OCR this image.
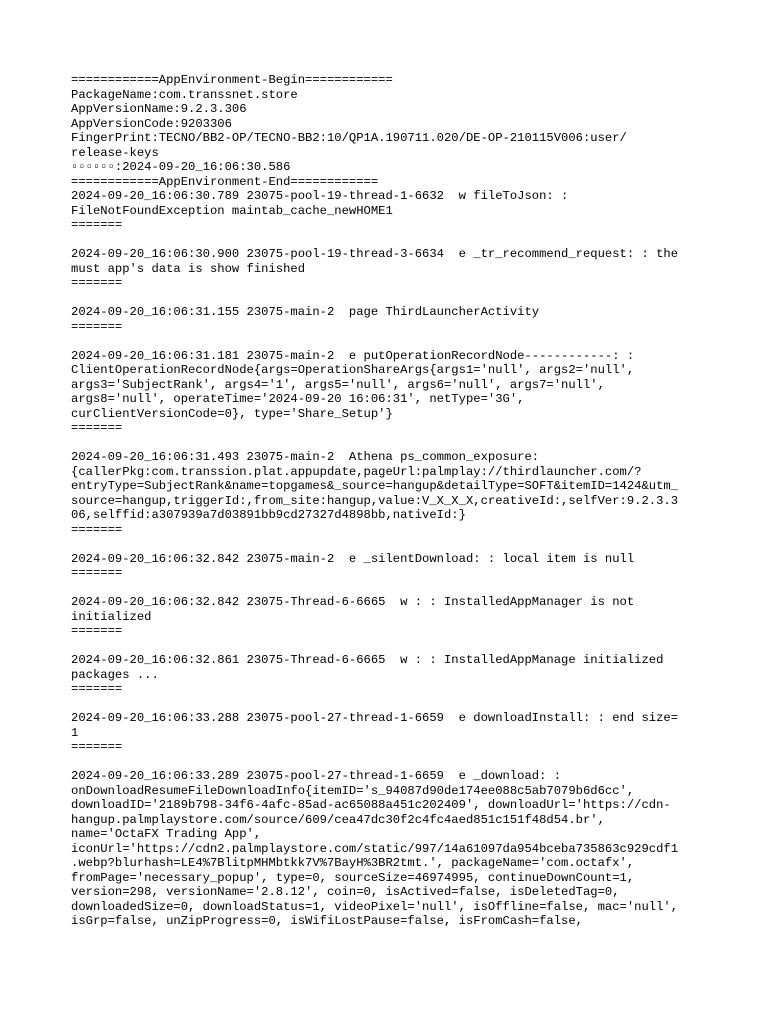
============AppEnvironment-Begin============
PackageName:com.transsnet.store
AppVersionName:9.2.3.306
AppVersionCode:9203306
FingerPrint:TECNO/BB2-OP/TECNO-BB2:10/QP1A.190711.020/DE-OP-210115V006:user/
release-keys
▫▫▫▫▫▫:2024-09-20_16:06:30.586
============AppEnvironment-End============
2024-09-20_16:06:30.789 23075-pool-19-thread-1-6632  w fileToJson: :
FileNotFoundException maintab_cache_newHOME1
=======
2024-09-20_16:06:30.900 23075-pool-19-thread-3-6634  e _tr_recommend_request: : the
must app's data is show finished
=======
2024-09-20_16:06:31.155 23075-main-2  page ThirdLauncherActivity
=======
2024-09-20_16:06:31.181 23075-main-2  e putOperationRecordNode------------: :
ClientOperationRecordNode{args=OperationShareArgs{args1='null', args2='null',
args3='SubjectRank', args4='1', args5='null', args6='null', args7='null',
args8='null', operateTime='2024-09-20 16:06:31', netType='3G',
curClientVersionCode=0}, type='Share_Setup'}
=======
2024-09-20_16:06:31.493 23075-main-2  Athena ps_common_exposure:
{callerPkg:com.transsion.plat.appupdate,pageUrl:palmplay://thirdlauncher.com/?
entryType=SubjectRank&name=topgames&_source=hangup&detailType=SOFT&itemID=1424&utm_
source=hangup,triggerId:,from_site:hangup,value:V_X_X_X,creativeId:,selfVer:9.2.3.3
06,selffid:a307939a7d03891bb9cd27327d4898bb,nativeId:}
=======
2024-09-20_16:06:32.842 23075-main-2  e _silentDownload: : local item is null
=======
2024-09-20_16:06:32.842 23075-Thread-6-6665  w : : InstalledAppManager is not
initialized
=======
2024-09-20_16:06:32.861 23075-Thread-6-6665  w : : InstalledAppManage initialized
packages ...
=======
2024-09-20_16:06:33.288 23075-pool-27-thread-1-6659  e downloadInstall: : end size=
1
=======
2024-09-20_16:06:33.289 23075-pool-27-thread-1-6659  e _download: :
onDownloadResumeFileDownloadInfo{itemID='s_94087d90de174ee088c5ab7079b6d6cc',
downloadID='2189b798-34f6-4afc-85ad-ac65088a451c202409', downloadUrl='https://cdn-
hangup.palmplaystore.com/source/609/cea47dc30f2c4fc4aed851c151f48d54.br',
name='OctaFX Trading App',
iconUrl='https://cdn2.palmplaystore.com/static/997/14a61097da954bceba735863c929cdf1
.webp?blurhash=LE4%7BlitpMHMbtkk7V%7BayH%3BR2tmt.', packageName='com.octafx',
fromPage='necessary_popup', type=0, sourceSize=46974995, continueDownCount=1,
version=298, versionName='2.8.12', coin=0, isActived=false, isDeletedTag=0,
downloadedSize=0, downloadStatus=1, videoPixel='null', isOffline=false, mac='null',
isGrp=false, unZipProgress=0, isWifiLostPause=false, isFromCash=false,
